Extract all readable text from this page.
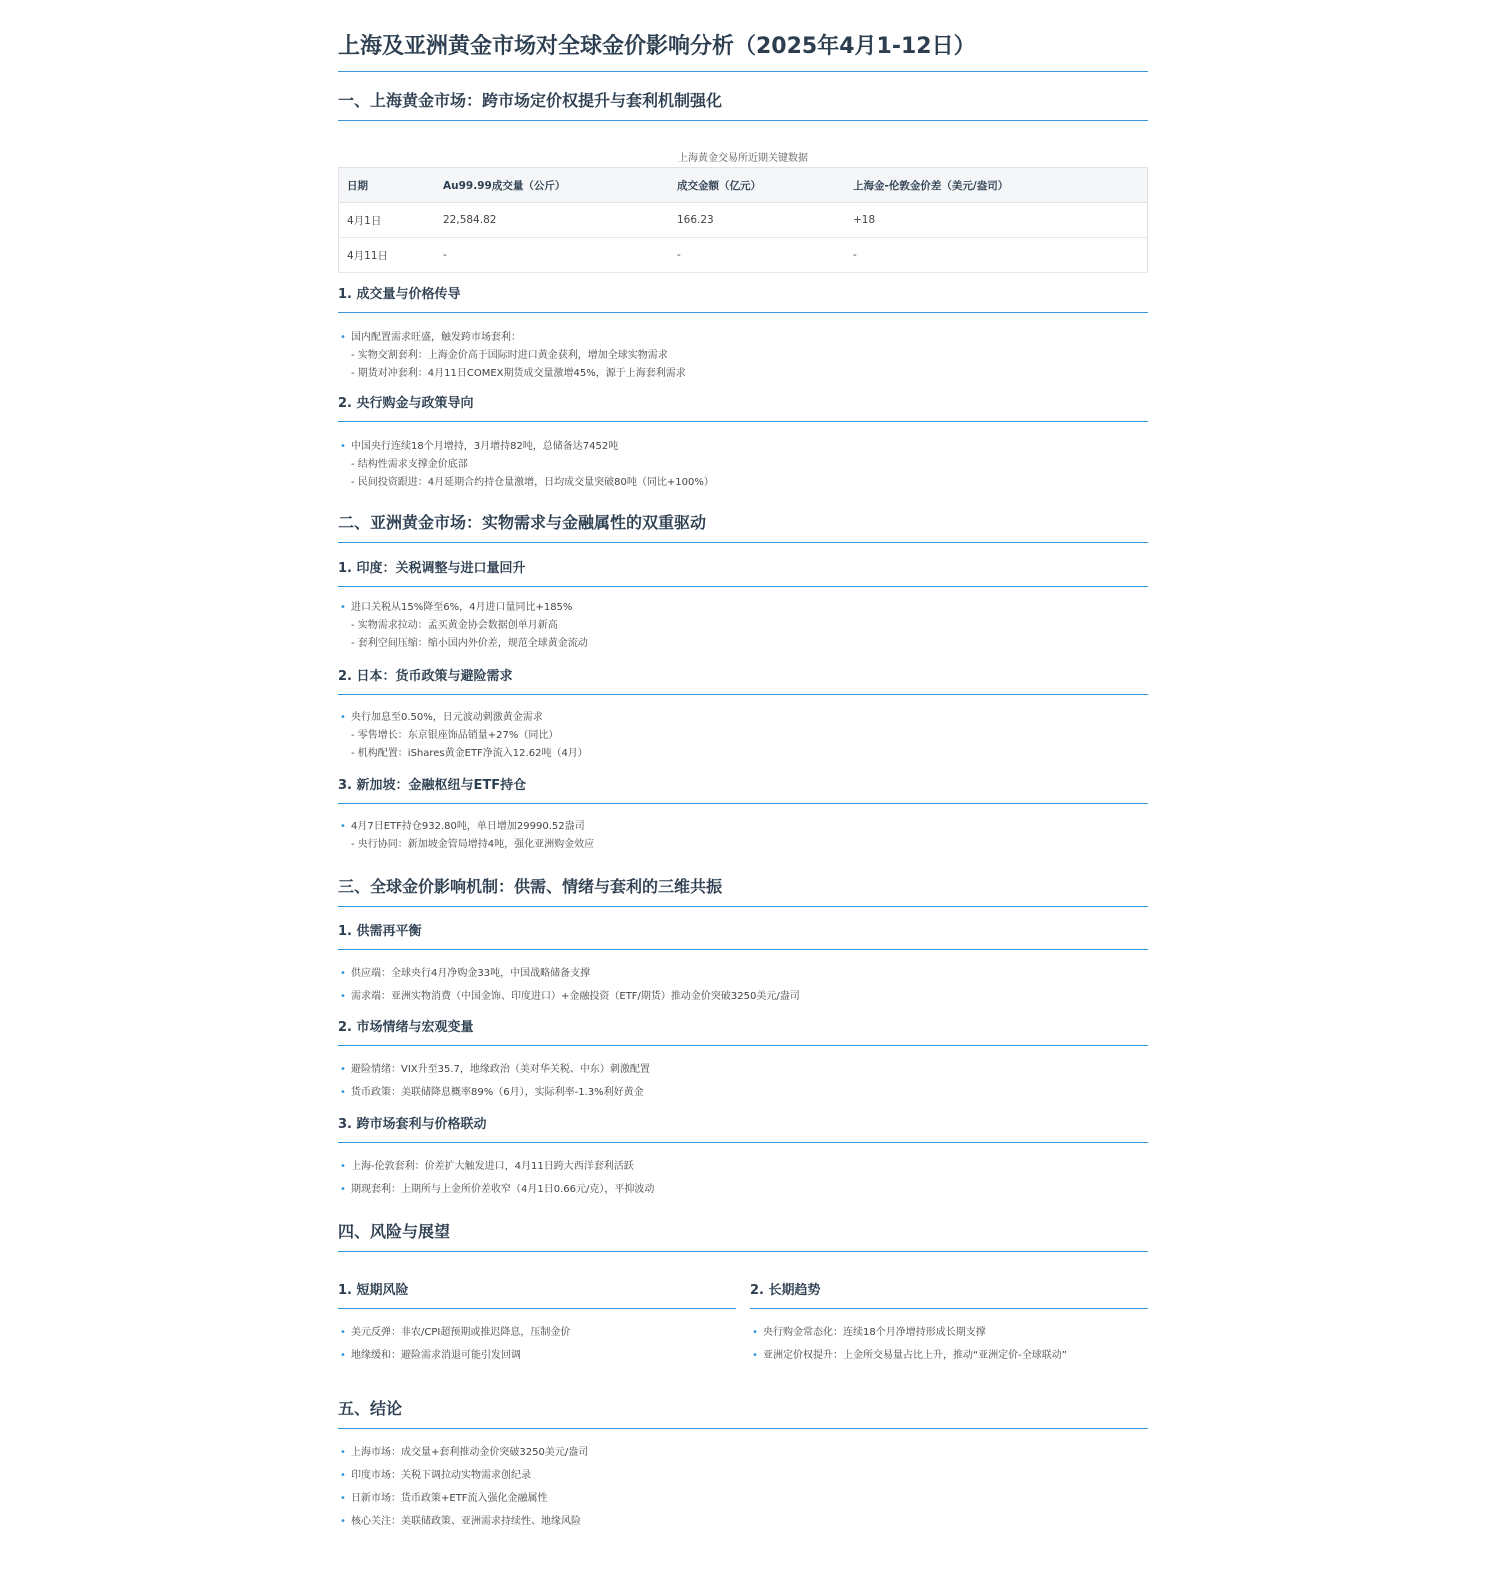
上海及亚洲黄金市场对全球金价影响分析（2025年4月1-12日）
一、上海黄金市场：跨市场定价权提升与套利机制强化
上海黄金交易所近期关键数据
日期	Au99.99成交量（公斤）	成交金额（亿元）	上海金-伦敦金价差（美元/盎司）
4月1日	22,584.82	166.23	+18
4月11日	-	-	-
1. 成交量与价格传导
• 国内配置需求旺盛，触发跨市场套利：
- 实物交割套利：上海金价高于国际时进口黄金获利，增加全球实物需求
- 期货对冲套利：4月11日COMEX期货成交量激增45%，源于上海套利需求
2. 央行购金与政策导向
• 中国央行连续18个月增持，3月增持82吨，总储备达7452吨
- 结构性需求支撑金价底部
- 民间投资跟进：4月延期合约持仓量激增，日均成交量突破80吨（同比+100%）
二、亚洲黄金市场：实物需求与金融属性的双重驱动
1. 印度：关税调整与进口量回升
• 进口关税从15%降至6%，4月进口量同比+185%
- 实物需求拉动：孟买黄金协会数据创单月新高
- 套利空间压缩：缩小国内外价差，规范全球黄金流动
2. 日本：货币政策与避险需求
• 央行加息至0.50%，日元波动刺激黄金需求
- 零售增长：东京银座饰品销量+27%（同比）
- 机构配置：iShares黄金ETF净流入12.62吨（4月）
3. 新加坡：金融枢纽与ETF持仓
• 4月7日ETF持仓932.80吨，单日增加29990.52盎司
- 央行协同：新加坡金管局增持4吨，强化亚洲购金效应
三、全球金价影响机制：供需、情绪与套利的三维共振
1. 供需再平衡
• 供应端：全球央行4月净购金33吨，中国战略储备支撑
• 需求端：亚洲实物消费（中国金饰、印度进口）+金融投资（ETF/期货）推动金价突破3250美元/盎司
2. 市场情绪与宏观变量
• 避险情绪：VIX升至35.7，地缘政治（美对华关税、中东）刺激配置
• 货币政策：美联储降息概率89%（6月），实际利率-1.3%利好黄金
3. 跨市场套利与价格联动
• 上海-伦敦套利：价差扩大触发进口，4月11日跨大西洋套利活跃
• 期现套利：上期所与上金所价差收窄（4月1日0.66元/克），平抑波动
四、风险与展望
1. 短期风险
• 美元反弹：非农/CPI超预期或推迟降息，压制金价
• 地缘缓和：避险需求消退可能引发回调
2. 长期趋势
• 央行购金常态化：连续18个月净增持形成长期支撑
• 亚洲定价权提升：上金所交易量占比上升，推动“亚洲定价-全球联动”
五、结论
• 上海市场：成交量+套利推动金价突破3250美元/盎司
• 印度市场：关税下调拉动实物需求创纪录
• 日新市场：货币政策+ETF流入强化金融属性
• 核心关注：美联储政策、亚洲需求持续性、地缘风险
